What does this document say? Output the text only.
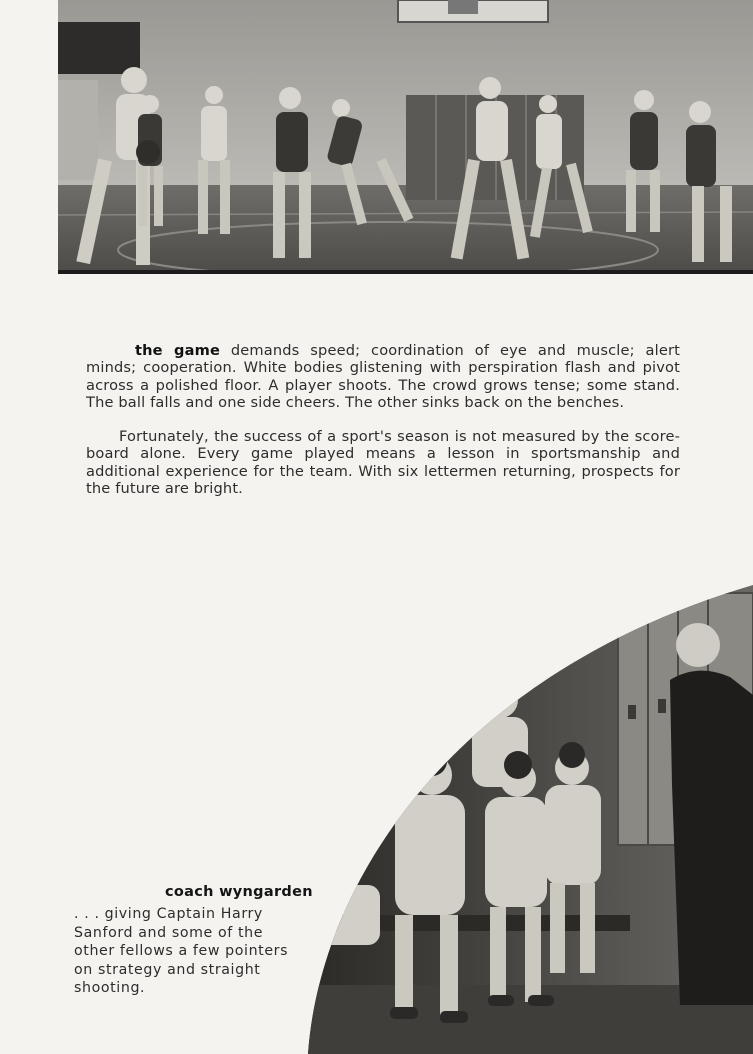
the game demands speed; coordination of eye and muscle; alert minds; cooperation. White bodies glistening with perspiration flash and pivot across a polished floor. A player shoots. The crowd grows tense; some stand. The ball falls and one side cheers. The other sinks back on the benches.
Fortunately, the success of a sport's season is not measured by the score-board alone. Every game played means a lesson in sportsmanship and additional experience for the team. With six lettermen returning, prospects for the future are bright.
coach wyngarden
. . . giving Captain Harry Sanford and some of the other fellows a few pointers on strategy and straight shooting.
